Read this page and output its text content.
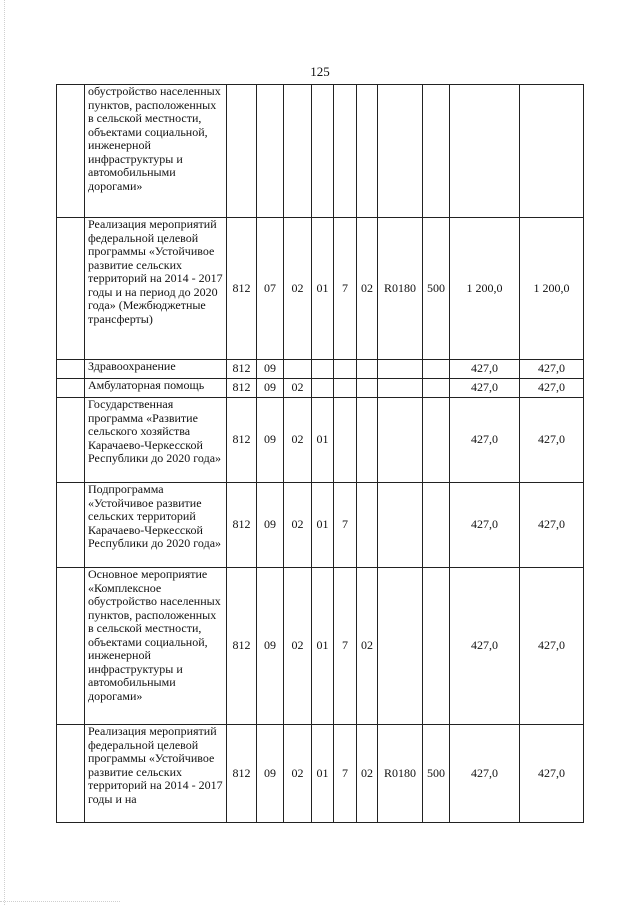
125
	обустройство населенных пунктов, расположенных в сельской местности, объектами социальной, инженерной инфраструктуры и автомобильными дорогами»										
	Реализация мероприятий федеральной целевой программы «Устойчивое развитие сельских территорий на 2014 - 2017 годы и на период до 2020 года» (Межбюджетные трансферты)	812	07	02	01	7	02	R0180	500	1 200,0	1 200,0
	Здравоохранение	812	09							427,0	427,0
	Амбулаторная помощь	812	09	02						427,0	427,0
	Государственная программа «Развитие сельского хозяйства Карачаево-Черкесской Республики до 2020 года»	812	09	02	01					427,0	427,0
	Подпрограмма «Устойчивое развитие сельских территорий Карачаево-Черкесской Республики до 2020 года»	812	09	02	01	7				427,0	427,0
	Основное мероприятие «Комплексное обустройство населенных пунктов, расположенных в сельской местности, объектами социальной, инженерной инфраструктуры и автомобильными дорогами»	812	09	02	01	7	02			427,0	427,0
	Реализация мероприятий федеральной целевой программы «Устойчивое развитие сельских территорий на 2014 - 2017 годы и на	812	09	02	01	7	02	R0180	500	427,0	427,0
